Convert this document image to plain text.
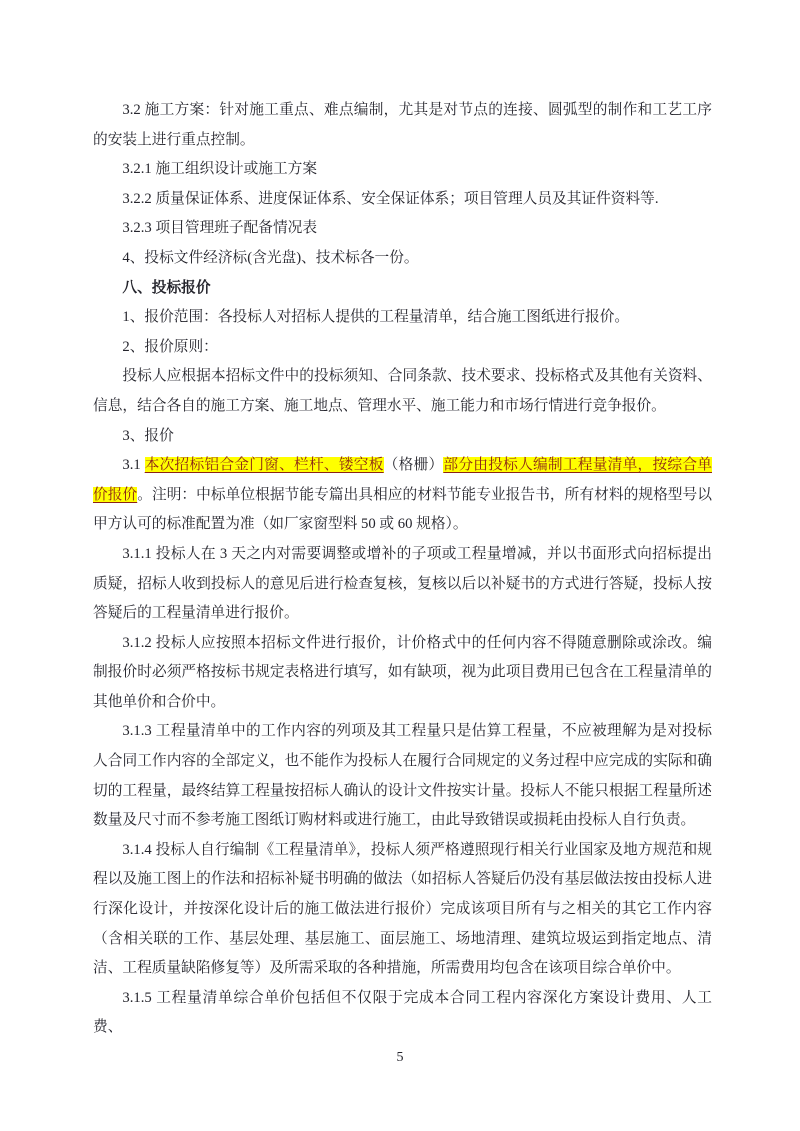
3.2 施工方案：针对施工重点、难点编制，尤其是对节点的连接、圆弧型的制作和工艺工序的安装上进行重点控制。

3.2.1 施工组织设计或施工方案

3.2.2 质量保证体系、进度保证体系、安全保证体系；项目管理人员及其证件资料等.

3.2.3 项目管理班子配备情况表

4、投标文件经济标(含光盘)、技术标各一份。

八、投标报价

1、报价范围：各投标人对招标人提供的工程量清单，结合施工图纸进行报价。

2、报价原则：

投标人应根据本招标文件中的投标须知、合同条款、技术要求、投标格式及其他有关资料、信息，结合各自的施工方案、施工地点、管理水平、施工能力和市场行情进行竞争报价。

3、报价

3.1 本次招标铝合金门窗、栏杆、镂空板（格栅）部分由投标人编制工程量清单，按综合单价报价。注明：中标单位根据节能专篇出具相应的材料节能专业报告书，所有材料的规格型号以甲方认可的标准配置为准（如厂家窗型料 50 或 60 规格）。

3.1.1 投标人在 3 天之内对需要调整或增补的子项或工程量增减，并以书面形式向招标提出质疑，招标人收到投标人的意见后进行检查复核，复核以后以补疑书的方式进行答疑，投标人按答疑后的工程量清单进行报价。

3.1.2 投标人应按照本招标文件进行报价，计价格式中的任何内容不得随意删除或涂改。编制报价时必须严格按标书规定表格进行填写，如有缺项，视为此项目费用已包含在工程量清单的其他单价和合价中。

3.1.3 工程量清单中的工作内容的列项及其工程量只是估算工程量，不应被理解为是对投标人合同工作内容的全部定义，也不能作为投标人在履行合同规定的义务过程中应完成的实际和确切的工程量，最终结算工程量按招标人确认的设计文件按实计量。投标人不能只根据工程量所述数量及尺寸而不参考施工图纸订购材料或进行施工，由此导致错误或损耗由投标人自行负责。

3.1.4 投标人自行编制《工程量清单》，投标人须严格遵照现行相关行业国家及地方规范和规程以及施工图上的作法和招标补疑书明确的做法（如招标人答疑后仍没有基层做法按由投标人进行深化设计，并按深化设计后的施工做法进行报价）完成该项目所有与之相关的其它工作内容（含相关联的工作、基层处理、基层施工、面层施工、场地清理、建筑垃圾运到指定地点、清洁、工程质量缺陷修复等）及所需采取的各种措施，所需费用均包含在该项目综合单价中。

3.1.5 工程量清单综合单价包括但不仅限于完成本合同工程内容深化方案设计费用、人工费、

5
